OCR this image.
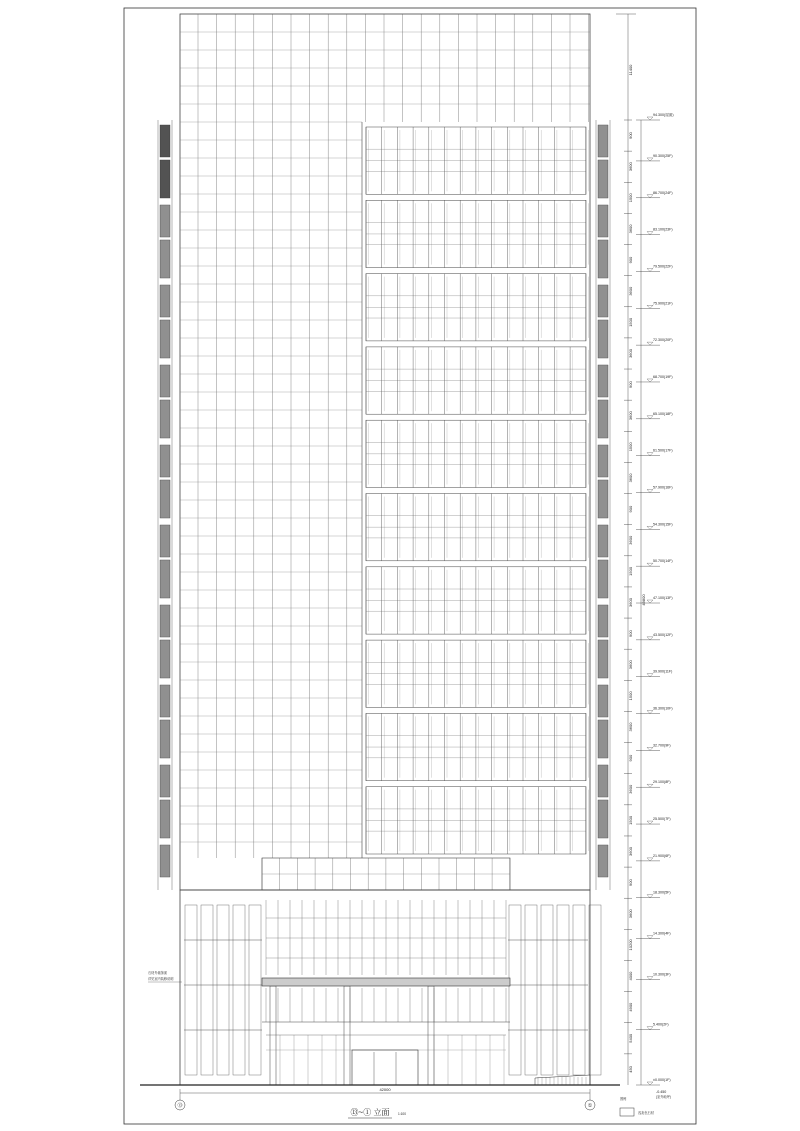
42000
⑬	①
⑬~① 立面	1:100
石材外墙饰面
详见室内装修说明
图例
浅灰色石材
11400
49800
94.300(屋面)
90.300(25F)
86.700(24F)
83.100(23F)
79.500(22F)
75.900(21F)
72.300(20F)
68.700(19F)
65.100(18F)
61.500(17F)
57.900(16F)
54.300(15F)
50.700(14F)
47.100(13F)
43.500(12F)
39.900(11F)
36.300(10F)
32.700(9F)
29.100(8F)
25.500(7F)
21.900(6F)
18.300(5F)
14.300(4F)
10.300(3F)
5.400(2F)
±0.000(1F)
900
3600
1500
3600
900
3600
1500
3600
900
3600
1500
3600
900
3600
1500
3600
900
3600
1500
3600
900
3600
1500
3600
900
3600
10200
4000
4900
5400
450
-0.450
(室外地坪)
